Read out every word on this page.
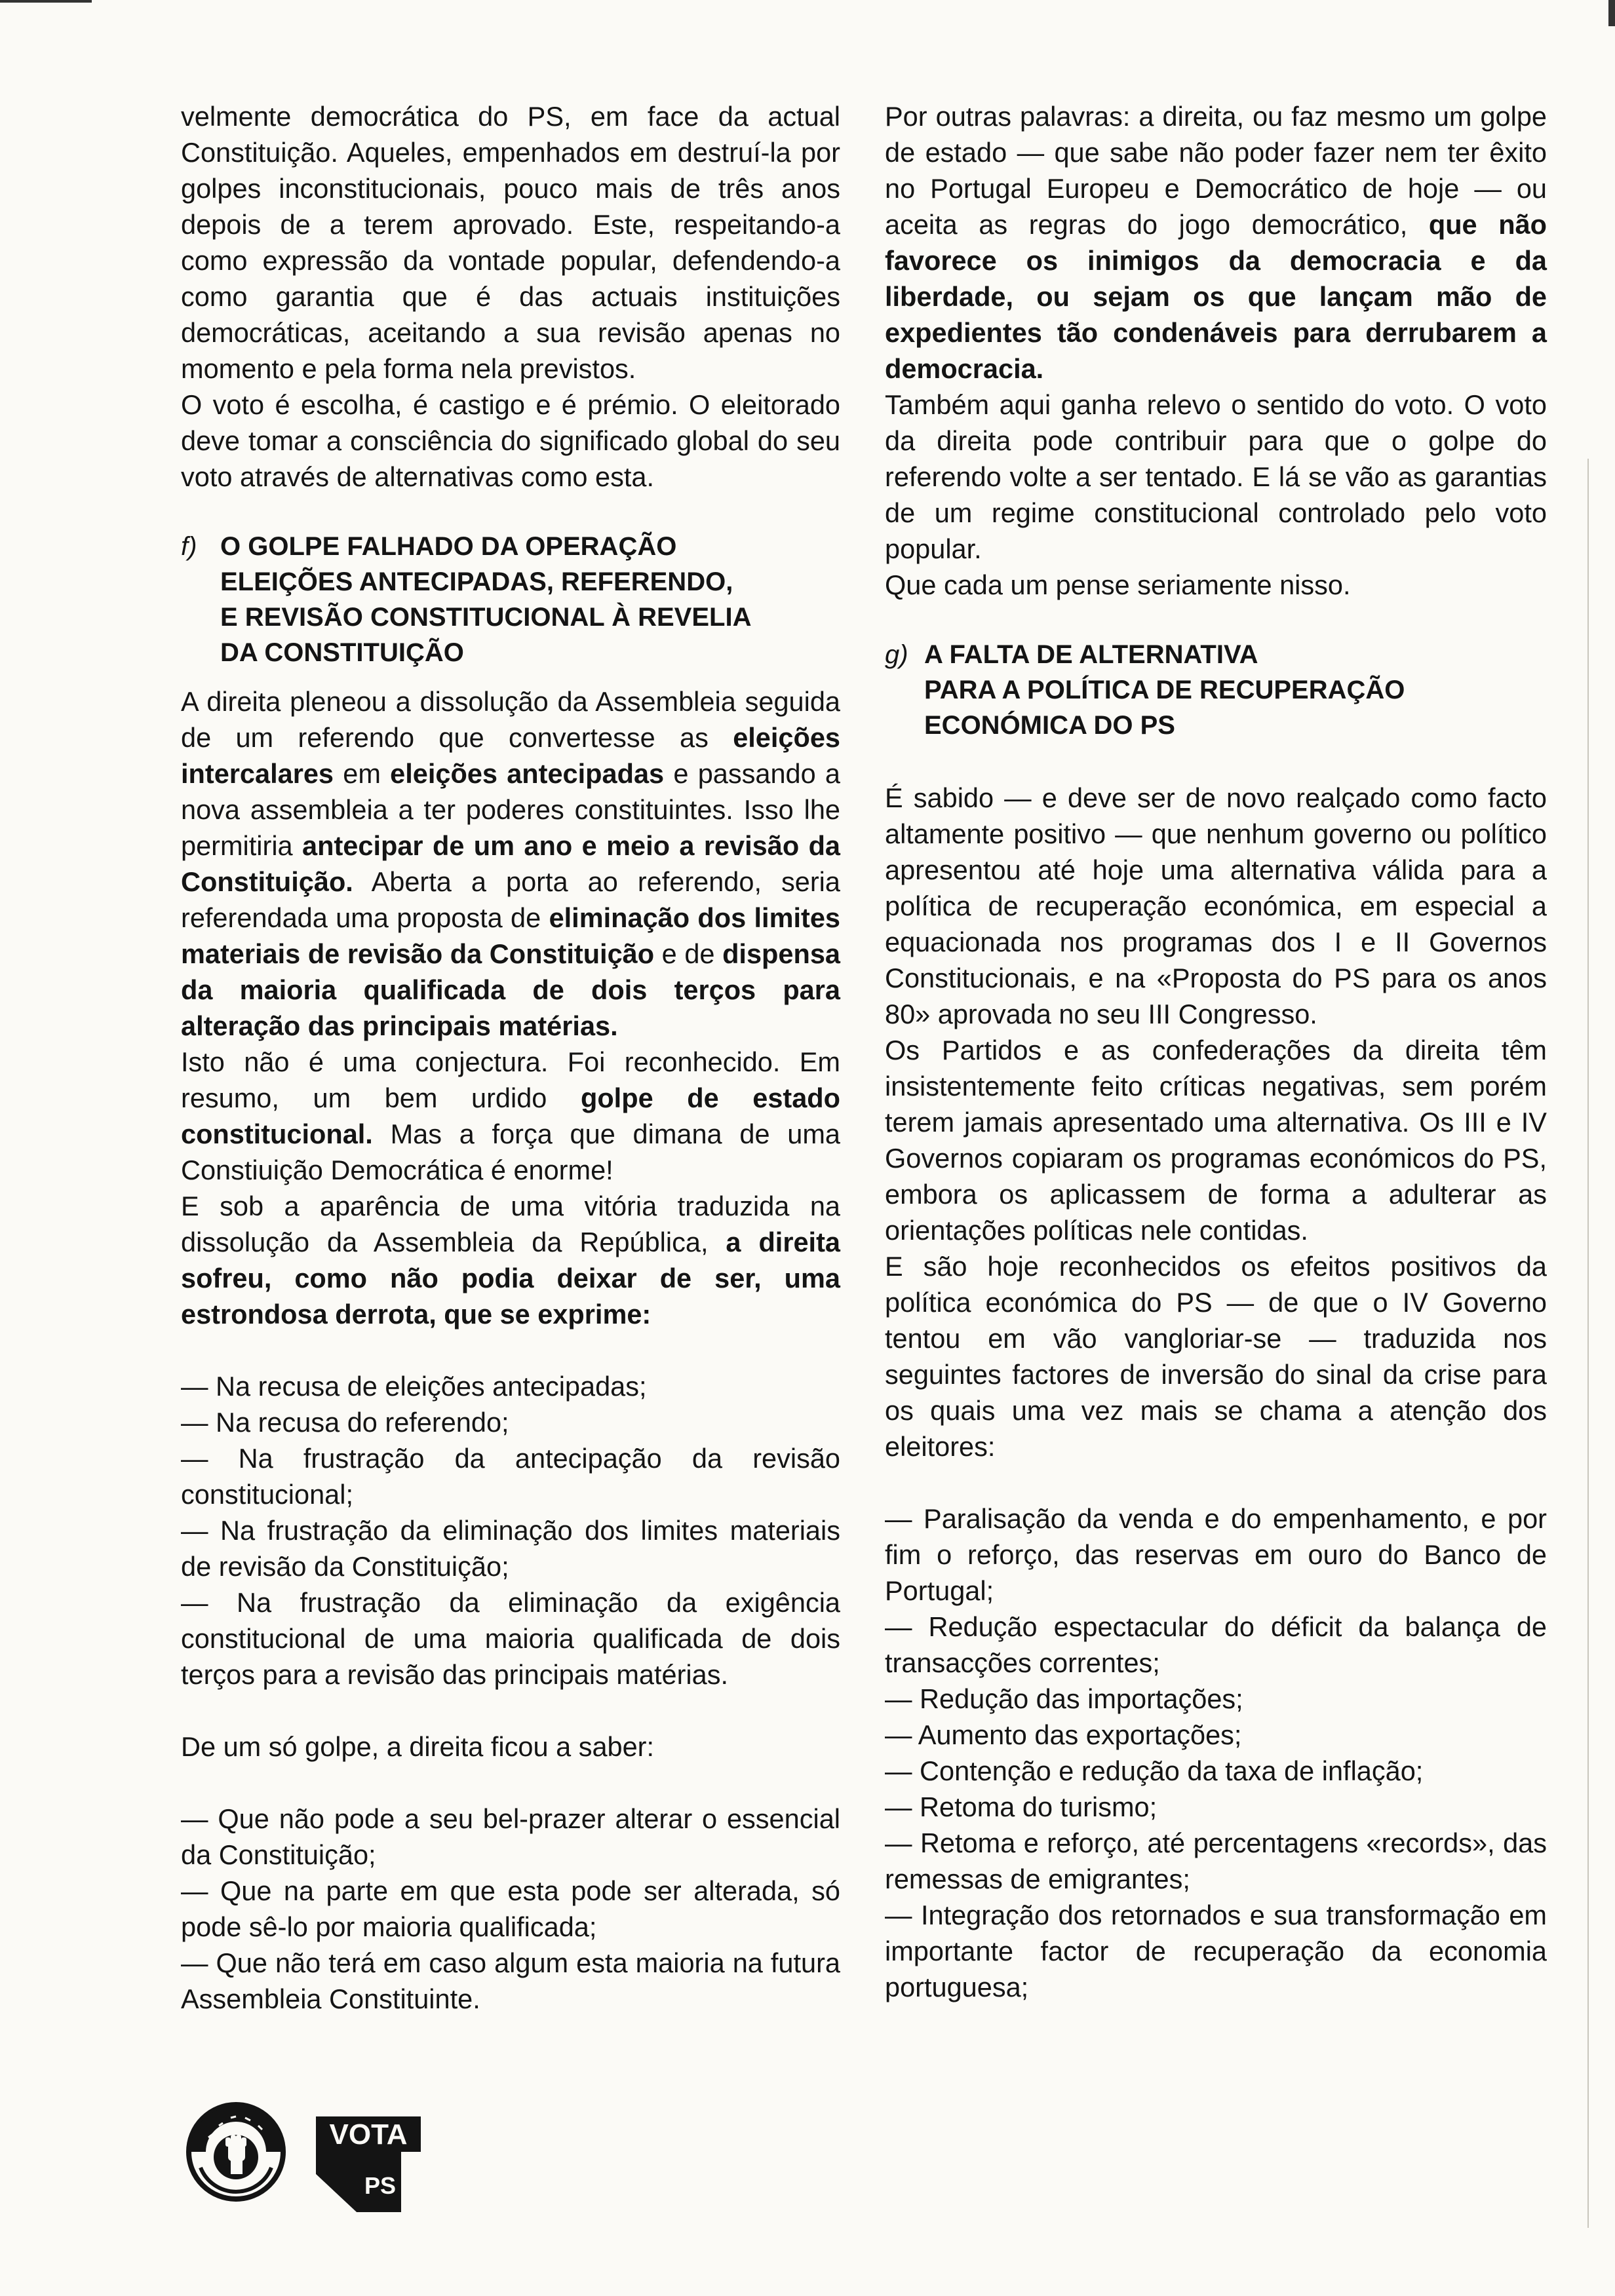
velmente democrática do PS, em face da actual Constituição. Aqueles, empenhados em destruí-la por golpes inconstitucionais, pouco mais de três anos depois de a terem aprovado. Este, respeitando-a como expressão da vontade popular, defendendo-a como garantia que é das actuais instituições democráticas, aceitando a sua revisão apenas no momento e pela forma nela previstos.

O voto é escolha, é castigo e é prémio. O eleitorado deve tomar a consciência do significado global do seu voto através de alternativas como esta.

f) O GOLPE FALHADO DA OPERAÇÃO
ELEIÇÕES ANTECIPADAS, REFERENDO,
E REVISÃO CONSTITUCIONAL À REVELIA
DA CONSTITUIÇÃO

A direita pleneou a dissolução da Assembleia seguida de um referendo que convertesse as eleições intercalares em eleições antecipadas e passando a nova assembleia a ter poderes constituintes. Isso lhe permitiria antecipar de um ano e meio a revisão da Constituição. Aberta a porta ao referendo, seria referendada uma proposta de eliminação dos limites materiais de revisão da Constituição e de dispensa da maioria qualificada de dois terços para alteração das principais matérias.

Isto não é uma conjectura. Foi reconhecido. Em resumo, um bem urdido golpe de estado constitucional. Mas a força que dimana de uma Constiuição Democrática é enorme!

E sob a aparência de uma vitória traduzida na dissolução da Assembleia da República, a direita sofreu, como não podia deixar de ser, uma estrondosa derrota, que se exprime:

— Na recusa de eleições antecipadas;

— Na recusa do referendo;

— Na frustração da antecipação da revisão constitucional;

— Na frustração da eliminação dos limites materiais de revisão da Constituição;

— Na frustração da eliminação da exigência constitucional de uma maioria qualificada de dois terços para a revisão das principais matérias.

De um só golpe, a direita ficou a saber:

— Que não pode a seu bel-prazer alterar o essencial da Constituição;

— Que na parte em que esta pode ser alterada, só pode sê-lo por maioria qualificada;

— Que não terá em caso algum esta maioria na futura Assembleia Constituinte.

Por outras palavras: a direita, ou faz mesmo um golpe de estado — que sabe não poder fazer nem ter êxito no Portugal Europeu e Democrático de hoje — ou aceita as regras do jogo democrático, que não favorece os inimigos da democracia e da liberdade, ou sejam os que lançam mão de expedientes tão condenáveis para derrubarem a democracia.

Também aqui ganha relevo o sentido do voto. O voto da direita pode contribuir para que o golpe do referendo volte a ser tentado. E lá se vão as garantias de um regime constitucional controlado pelo voto popular.

Que cada um pense seriamente nisso.

g) A FALTA DE ALTERNATIVA
PARA A POLÍTICA DE RECUPERAÇÃO
ECONÓMICA DO PS

É sabido — e deve ser de novo realçado como facto altamente positivo — que nenhum governo ou político apresentou até hoje uma alternativa válida para a política de recuperação económica, em especial a equacionada nos programas dos I e II Governos Constitucionais, e na «Proposta do PS para os anos 80» aprovada no seu III Congresso.

Os Partidos e as confederações da direita têm insistentemente feito críticas negativas, sem porém terem jamais apresentado uma alternativa. Os III e IV Governos copiaram os programas económicos do PS, embora os aplicassem de forma a adulterar as orientações políticas nele contidas.

E são hoje reconhecidos os efeitos positivos da política económica do PS — de que o IV Governo tentou em vão vangloriar-se — traduzida nos seguintes factores de inversão do sinal da crise para os quais uma vez mais se chama a atenção dos eleitores:

— Paralisação da venda e do empenhamento, e por fim o reforço, das reservas em ouro do Banco de Portugal;

— Redução espectacular do déficit da balança de transacções correntes;

— Redução das importações;

— Aumento das exportações;

— Contenção e redução da taxa de inflação;

— Retoma do turismo;

— Retoma e reforço, até percentagens «records», das remessas de emigrantes;

— Integração dos retornados e sua transformação em importante factor de recuperação da economia portuguesa;

VOTA
PS
